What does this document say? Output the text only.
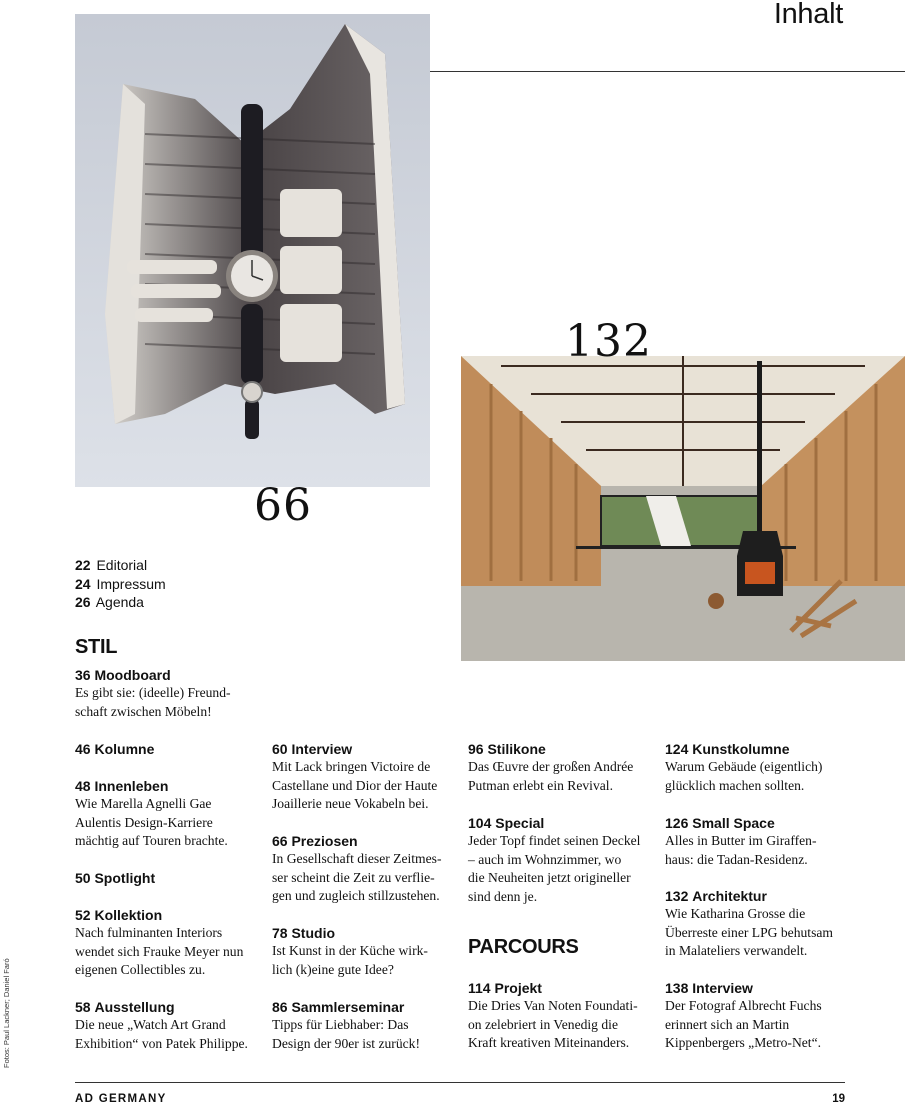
Inhalt
66
132
22 Editorial
24 Impressum
26 Agenda
STIL
PARCOURS
36 Moodboard
Es gibt sie: (ideelle) Freund-
schaft zwischen Möbeln!
46 Kolumne
48 Innenleben
Wie Marella Agnelli Gae
Aulentis Design-Karriere
mächtig auf Touren brachte.
50 Spotlight
52 Kollektion
Nach fulminanten Interiors
wendet sich Frauke Meyer nun
eigenen Collectibles zu.
58 Ausstellung
Die neue „Watch Art Grand
Exhibition“ von Patek Philippe.
60 Interview
Mit Lack bringen Victoire de
Castellane und Dior der Haute
Joaillerie neue Vokabeln bei.
66 Preziosen
In Gesellschaft dieser Zeitmes-
ser scheint die Zeit zu verflie-
gen und zugleich stillzustehen.
78 Studio
Ist Kunst in der Küche wirk-
lich (k)eine gute Idee?
86 Sammlerseminar
Tipps für Liebhaber: Das
Design der 90er ist zurück!
96 Stilikone
Das Œuvre der großen Andrée
Putman erlebt ein Revival.
104 Special
Jeder Topf findet seinen Deckel
– auch im Wohnzimmer, wo
die Neuheiten jetzt origineller
sind denn je.
114 Projekt
Die Dries Van Noten Foundati-
on zelebriert in Venedig die
Kraft kreativen Miteinanders.
124 Kunstkolumne
Warum Gebäude (eigentlich)
glücklich machen sollten.
126 Small Space
Alles in Butter im Giraffen-
haus: die Tadan-Residenz.
132 Architektur
Wie Katharina Grosse die
Überreste einer LPG behutsam
in Malateliers verwandelt.
138 Interview
Der Fotograf Albrecht Fuchs
erinnert sich an Martin
Kippenbergers „Metro-Net“.
Fotos: Paul Lackner; Daniel Faró
AD GERMANY	19
